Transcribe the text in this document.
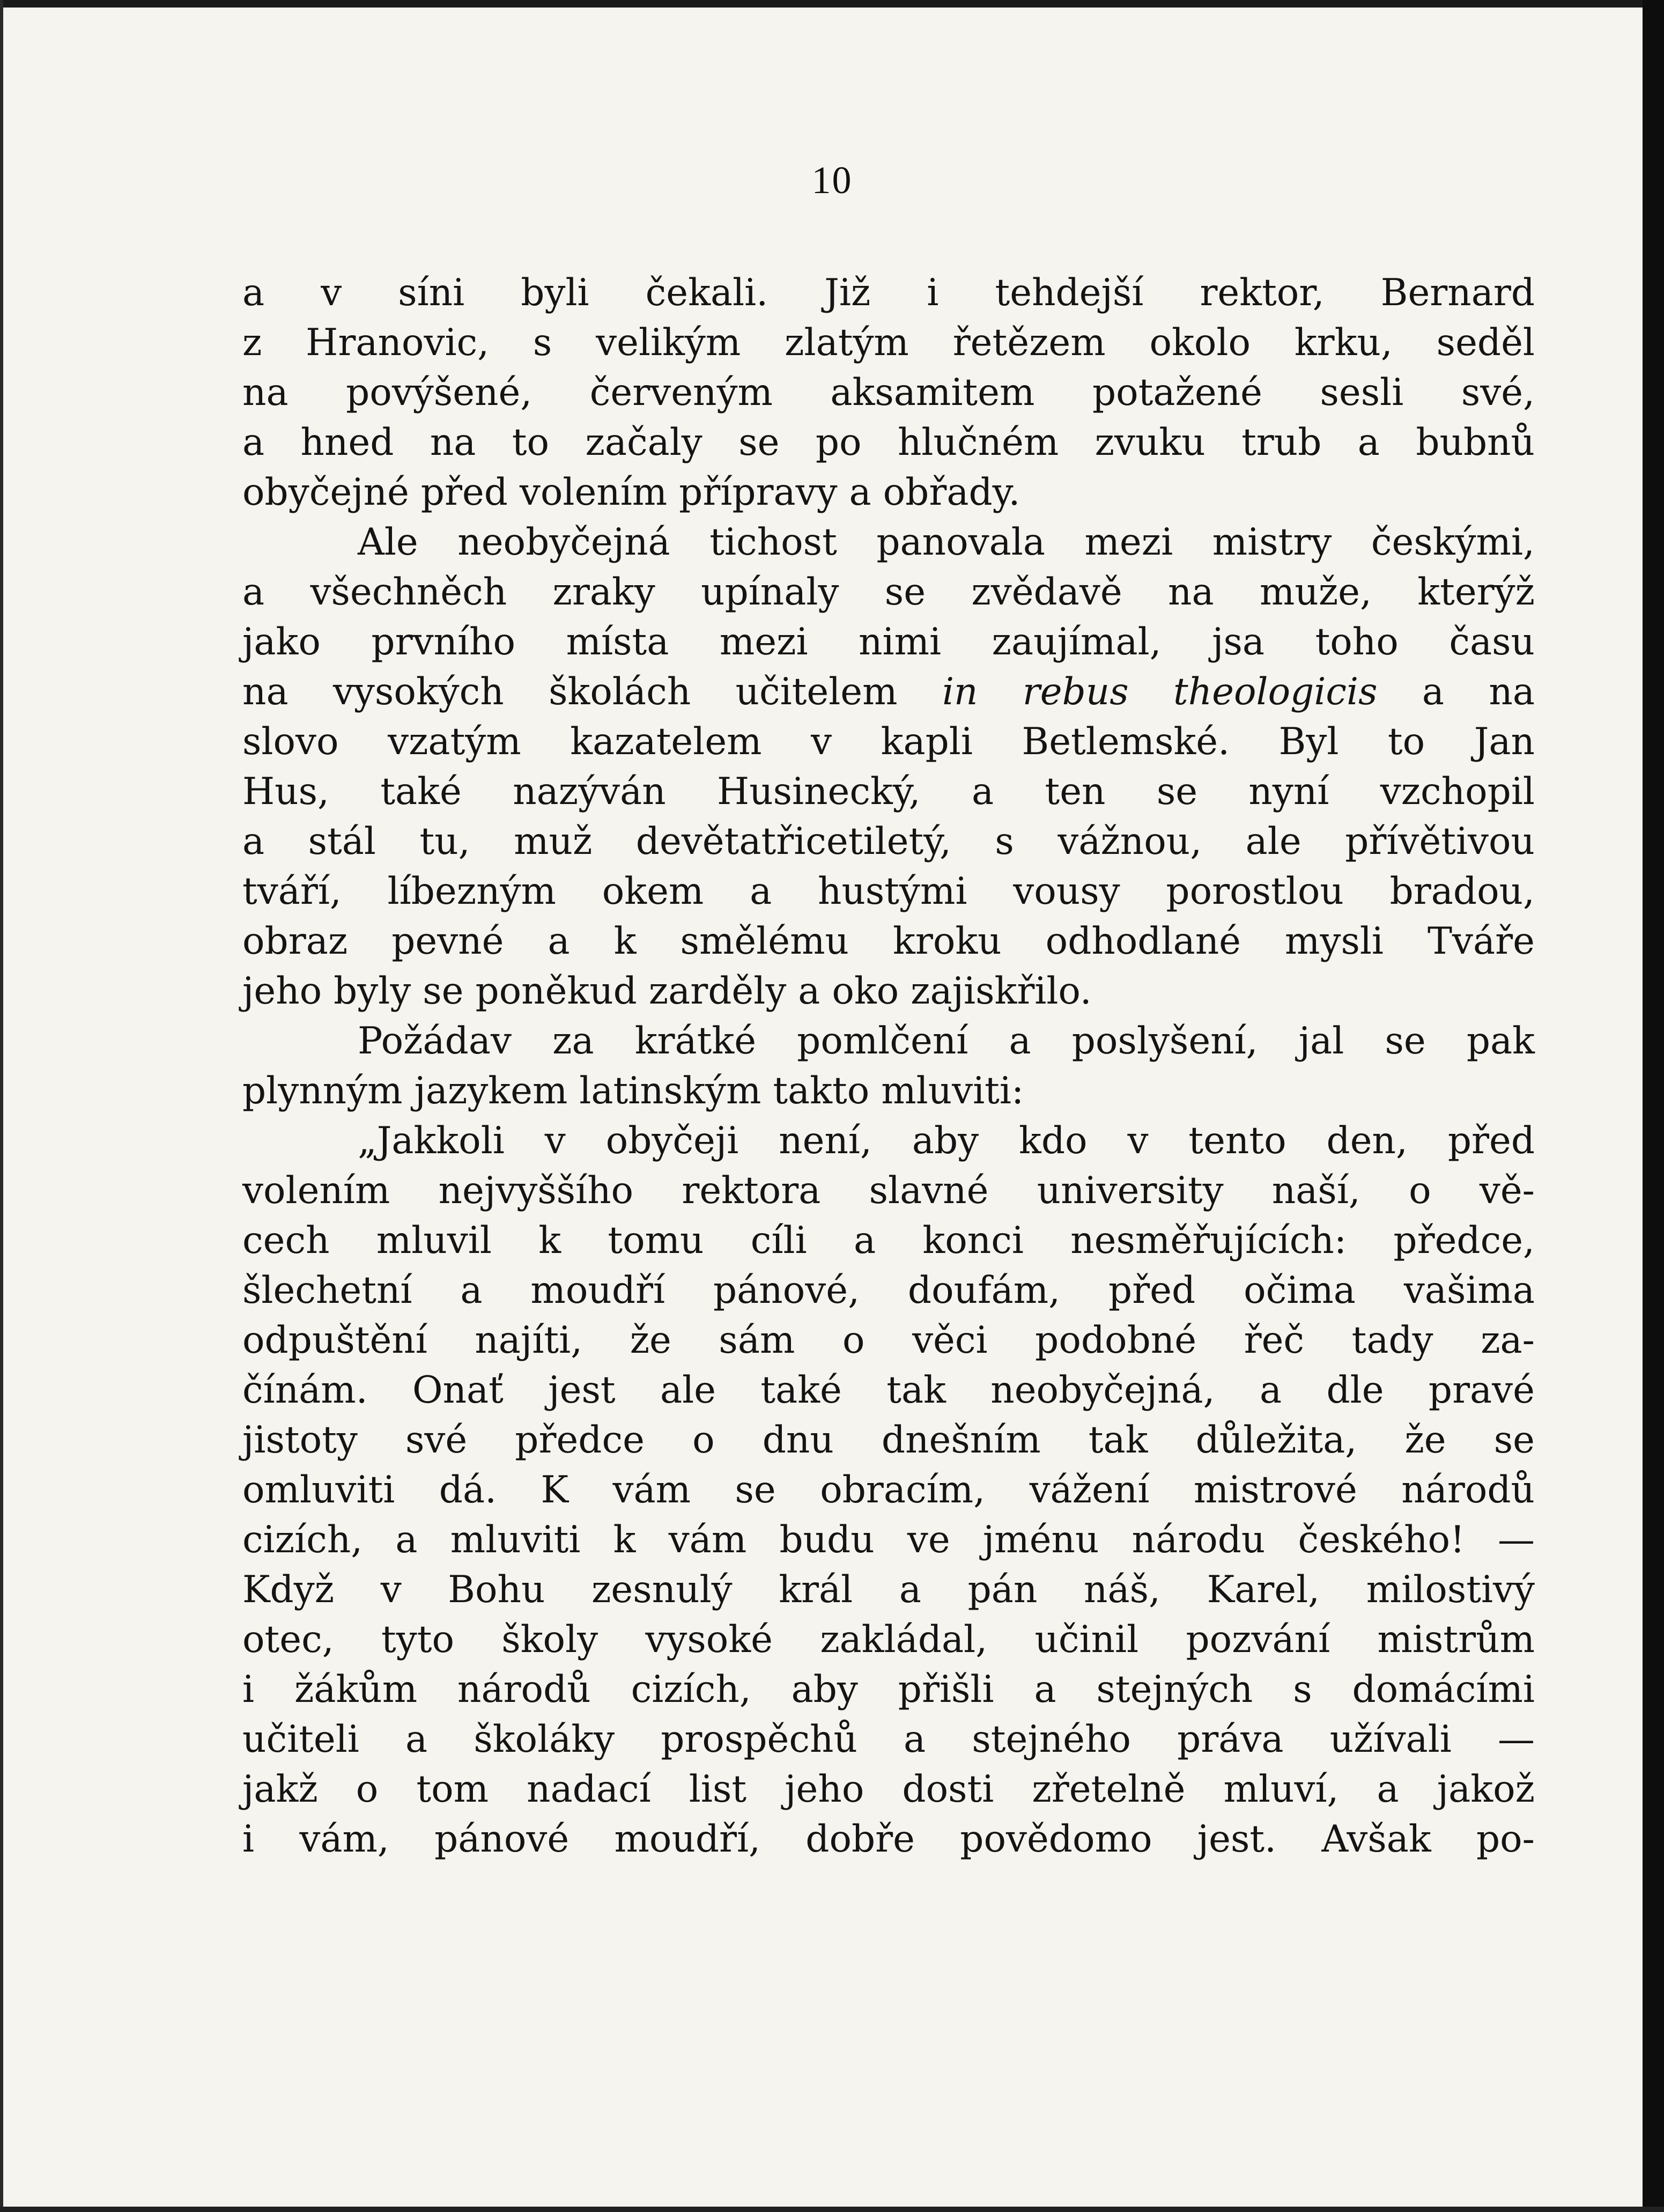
10
a v síni byli čekali. Již i tehdejší rektor, Bernard
z Hranovic, s velikým zlatým řetězem okolo krku, seděl
na povýšené, červeným aksamitem potažené sesli své,
a hned na to začaly se po hlučném zvuku trub a bubnů
obyčejné před volením přípravy a obřady.
Ale neobyčejná tichost panovala mezi mistry českými,
a všechněch zraky upínaly se zvědavě na muže, kterýž
jako prvního místa mezi nimi zaujímal, jsa toho času
na vysokých školách učitelem in rebus theologicis a na
slovo vzatým kazatelem v kapli Betlemské. Byl to Jan
Hus, také nazýván Husinecký, a ten se nyní vzchopil
a stál tu, muž devětatřicetiletý, s vážnou, ale přívětivou
tváří, líbezným okem a hustými vousy porostlou bradou,
obraz pevné a k smělému kroku odhodlané mysli Tváře
jeho byly se poněkud zarděly a oko zajiskřilo.
Požádav za krátké pomlčení a poslyšení, jal se pak
plynným jazykem latinským takto mluviti:
„Jakkoli v obyčeji není, aby kdo v tento den, před
volením nejvyššího rektora slavné university naší, o vě-
cech mluvil k tomu cíli a konci nesměřujících: předce,
šlechetní a moudří pánové, doufám, před očima vašima
odpuštění najíti, že sám o věci podobné řeč tady za-
čínám. Onať jest ale také tak neobyčejná, a dle pravé
jistoty své předce o dnu dnešním tak důležita, že se
omluviti dá. K vám se obracím, vážení mistrové národů
cizích, a mluviti k vám budu ve jménu národu českého! —
Když v Bohu zesnulý král a pán náš, Karel, milostivý
otec, tyto školy vysoké zakládal, učinil pozvání mistrům
i žákům národů cizích, aby přišli a stejných s domácími
učiteli a školáky prospěchů a stejného práva užívali —
jakž o tom nadací list jeho dosti zřetelně mluví, a jakož
i vám, pánové moudří, dobře povědomo jest. Avšak po-
